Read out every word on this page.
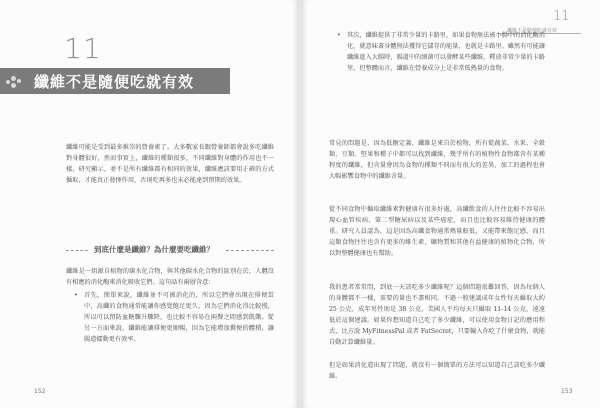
11
纖維不是隨便吃就有效

纖維可能是受到最多推崇的營養素了。大多數家長跟營養師都會說多吃纖維對身體很好，然而事實上，纖維的種類很多，不同纖維對身體的作用也不一樣。研究顯示，並不是所有纖維都有相同的效果，纖維應該要用正確的方式攝取，才能真正發揮作用，否則吃再多也未必能達到預期的效果。

到底什麼是纖維？為什麼要吃纖維？

纖維是一組源自植物的碳水化合物，與其他碳水化合物的區別在於，人體沒有相應的消化酶來消化吸收它們。這句話有兩層含意：

• 首先，簡單來說，纖維並不可被消化的，所以它們會出現在排便當中，高纖的食物通常能讓你感覺飽足更久，因為它們消化得比較慢，所以可以預防血糖驟升驟降，也比較不容易在兩餐之間感到飢餓。從另一方面來說，纖維能讓排便更順暢，因為它能增加糞便的體積，讓腸道蠕動更有效率。
152
11
纖維不是隨便吃就有效
• 其次，纖維提供了非常少量的卡路里，如果食物無法被小腸中的消化酶消化，就意味著身體無法獲得它儲存的能量，也就是卡路里。雖然有可能讓纖維進入大腸時，腸道中的細菌可以發酵某些纖維，釋放非常少量的卡路里，但整體而言，纖維在營養成分上是非常低熱量的食物。

常見的問題是，因為低糖定義，纖維是來自於植物，所有從蔬菜、水果、全穀類、豆類、堅果和種子中都可以找到纖維，幾乎所有的植物性食物都含有某種程度的纖維，但含量會因為食物的種類不同而有很大的差異，加工的過程也會大幅影響食物中的纖維含量。

從不同食物中攝取纖維素對健康有很多好處，高纖飲食的人往往比較不容易出現心血管疾病、第二型糖尿病以及某些癌症，而且也比較容易維持健康的體重。研究人員認為，這是因為高纖食物通常熱量較低，又能帶來飽足感，而且這類食物往往也含有更多的維生素、礦物質和其他有益健康的植物化合物，所以對整體健康也有幫助。

我的患者常常問，到底一天該吃多少纖維呢？這個問題很難回答，因為每個人的身體都不一樣，需要的量也不盡相同。不過一般建議成年女性每天攝取大約 25 公克，成年男性則是 38 公克。美國人平均每天只攝取 11-14 公克，遠遠低於這個建議。如果你想知道自己吃了多少纖維，可以使用食物日記的應用程式，比方說 MyFitnessPal 或者 FatSecret，只要輸入你吃了什麼食物，就能自動計算纖維量。

但是如果消化道出現了問題，就沒有一個簡單的方法可以知道自己該吃多少纖維。

153
